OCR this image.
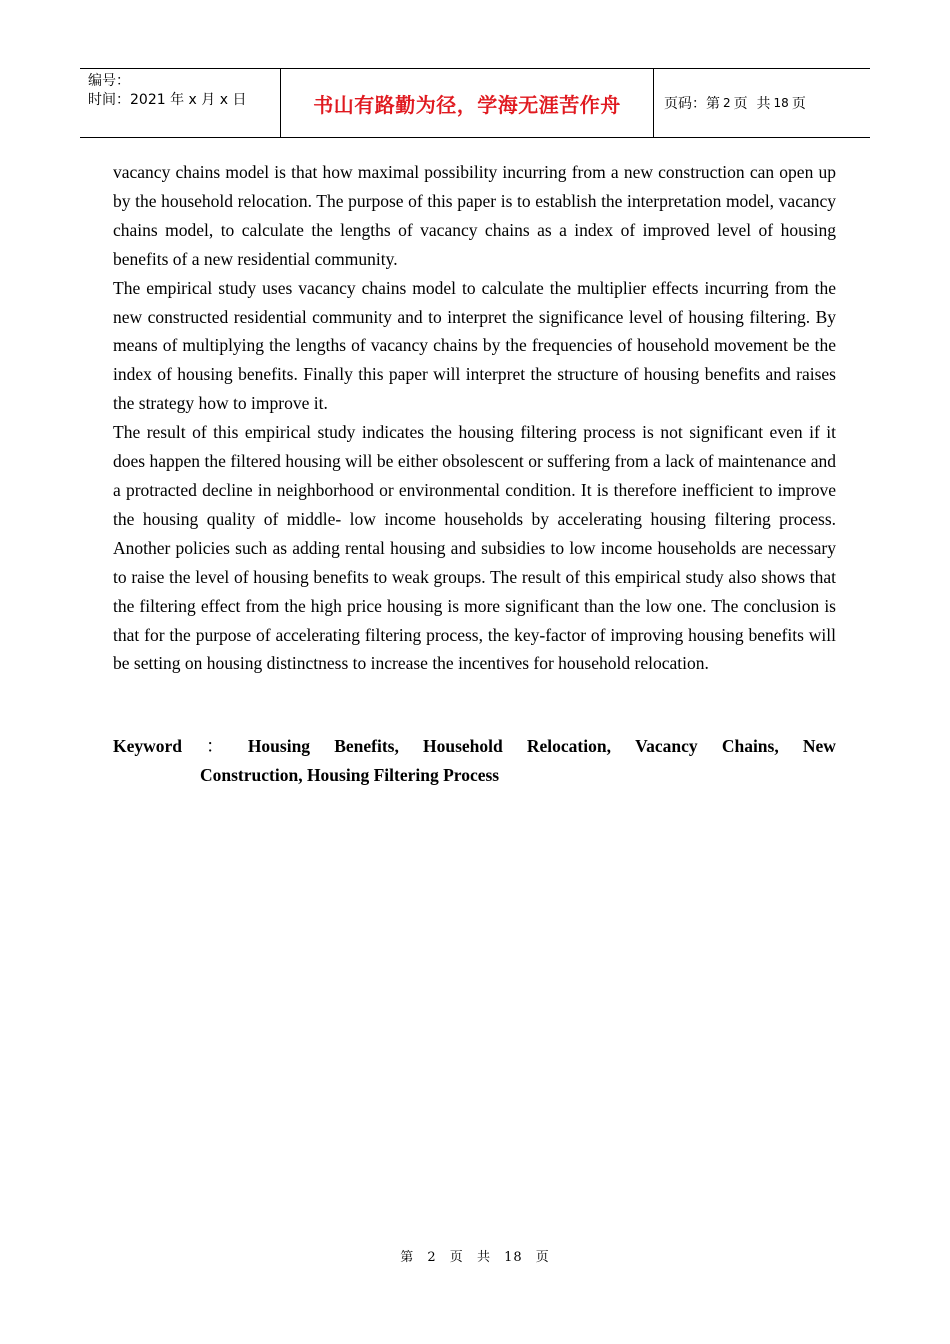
编号：
时间：2021 年 x 月 x 日	书山有路勤为径，学海无涯苦作舟	页码：第 2 页  共 18 页

vacancy chains model is that how maximal possibility incurring from a new construction can open up by the household relocation. The purpose of this paper is to establish the interpretation model, vacancy chains model, to calculate the lengths of vacancy chains as a index of improved level of housing benefits of a new residential community.

The empirical study uses vacancy chains model to calculate the multiplier effects incurring from the new constructed residential community and to interpret the significance level of housing filtering. By means of multiplying the lengths of vacancy chains by the frequencies of household movement be the index of housing benefits. Finally this paper will interpret the structure of housing benefits and raises the strategy how to improve it.

The result of this empirical study indicates the housing filtering process is not significant even if it does happen the filtered housing will be either obsolescent or suffering from a lack of maintenance and a protracted decline in neighborhood or environmental condition. It is therefore inefficient to improve the housing quality of middle- low income households by accelerating housing filtering process. Another policies such as adding rental housing and subsidies to low income households are necessary to raise the level of housing benefits to weak groups. The result of this empirical study also shows that the filtering effect from the high price housing is more significant than the low one. The conclusion is that for the purpose of accelerating filtering process, the key-factor of improving housing benefits will be setting on housing distinctness to increase the incentives for household relocation.

Keyword ： Housing Benefits, Household Relocation, Vacancy Chains, New
Construction, Housing Filtering Process
第 2 页 共 18 页
